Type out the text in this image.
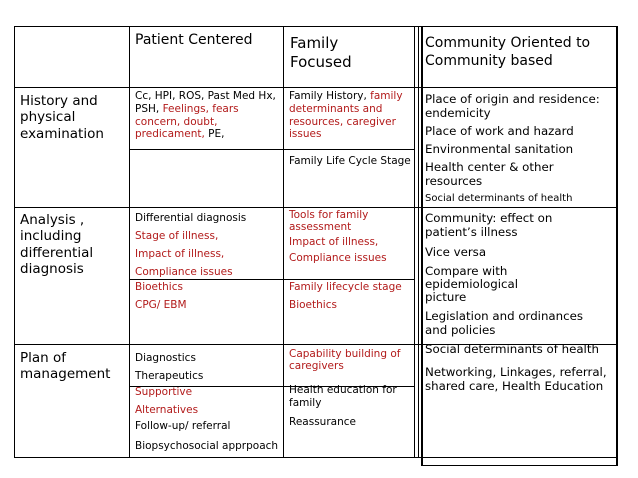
Patient Centered Family
Focused
Community Oriented to
Community based
History and
physical
examination
Analysis ,
including
differential
diagnosis
Plan of
management
Cc, HPI, ROS, Past Med Hx,
PSH, Feelings, fears
concern, doubt,
predicament, PE,
Differential diagnosis
Stage of illness,
Impact of illness,
Compliance issues
Bioethics
CPG/ EBM
Diagnostics
Therapeutics
Supportive
Alternatives
Follow-up/ referral
Biopsychosocial apprpoach
Family History, family
determinants and
resources, caregiver
issues
Family Life Cycle Stage
Tools for family
assessment
Impact of illness,
Compliance issues
Family lifecycle stage
Bioethics
Capability building of
caregivers
Health education for
family
Reassurance
Place of origin and residence:
endemicity
Place of work and hazard
Environmental sanitation
Health center & other
resources
Social determinants of health
Community: effect on
patient’s illness
Vice versa
Compare with
epidemiological
picture
Legislation and ordinances
and policies
Social determinants of health
Networking, Linkages, referral,
shared care, Health Education
